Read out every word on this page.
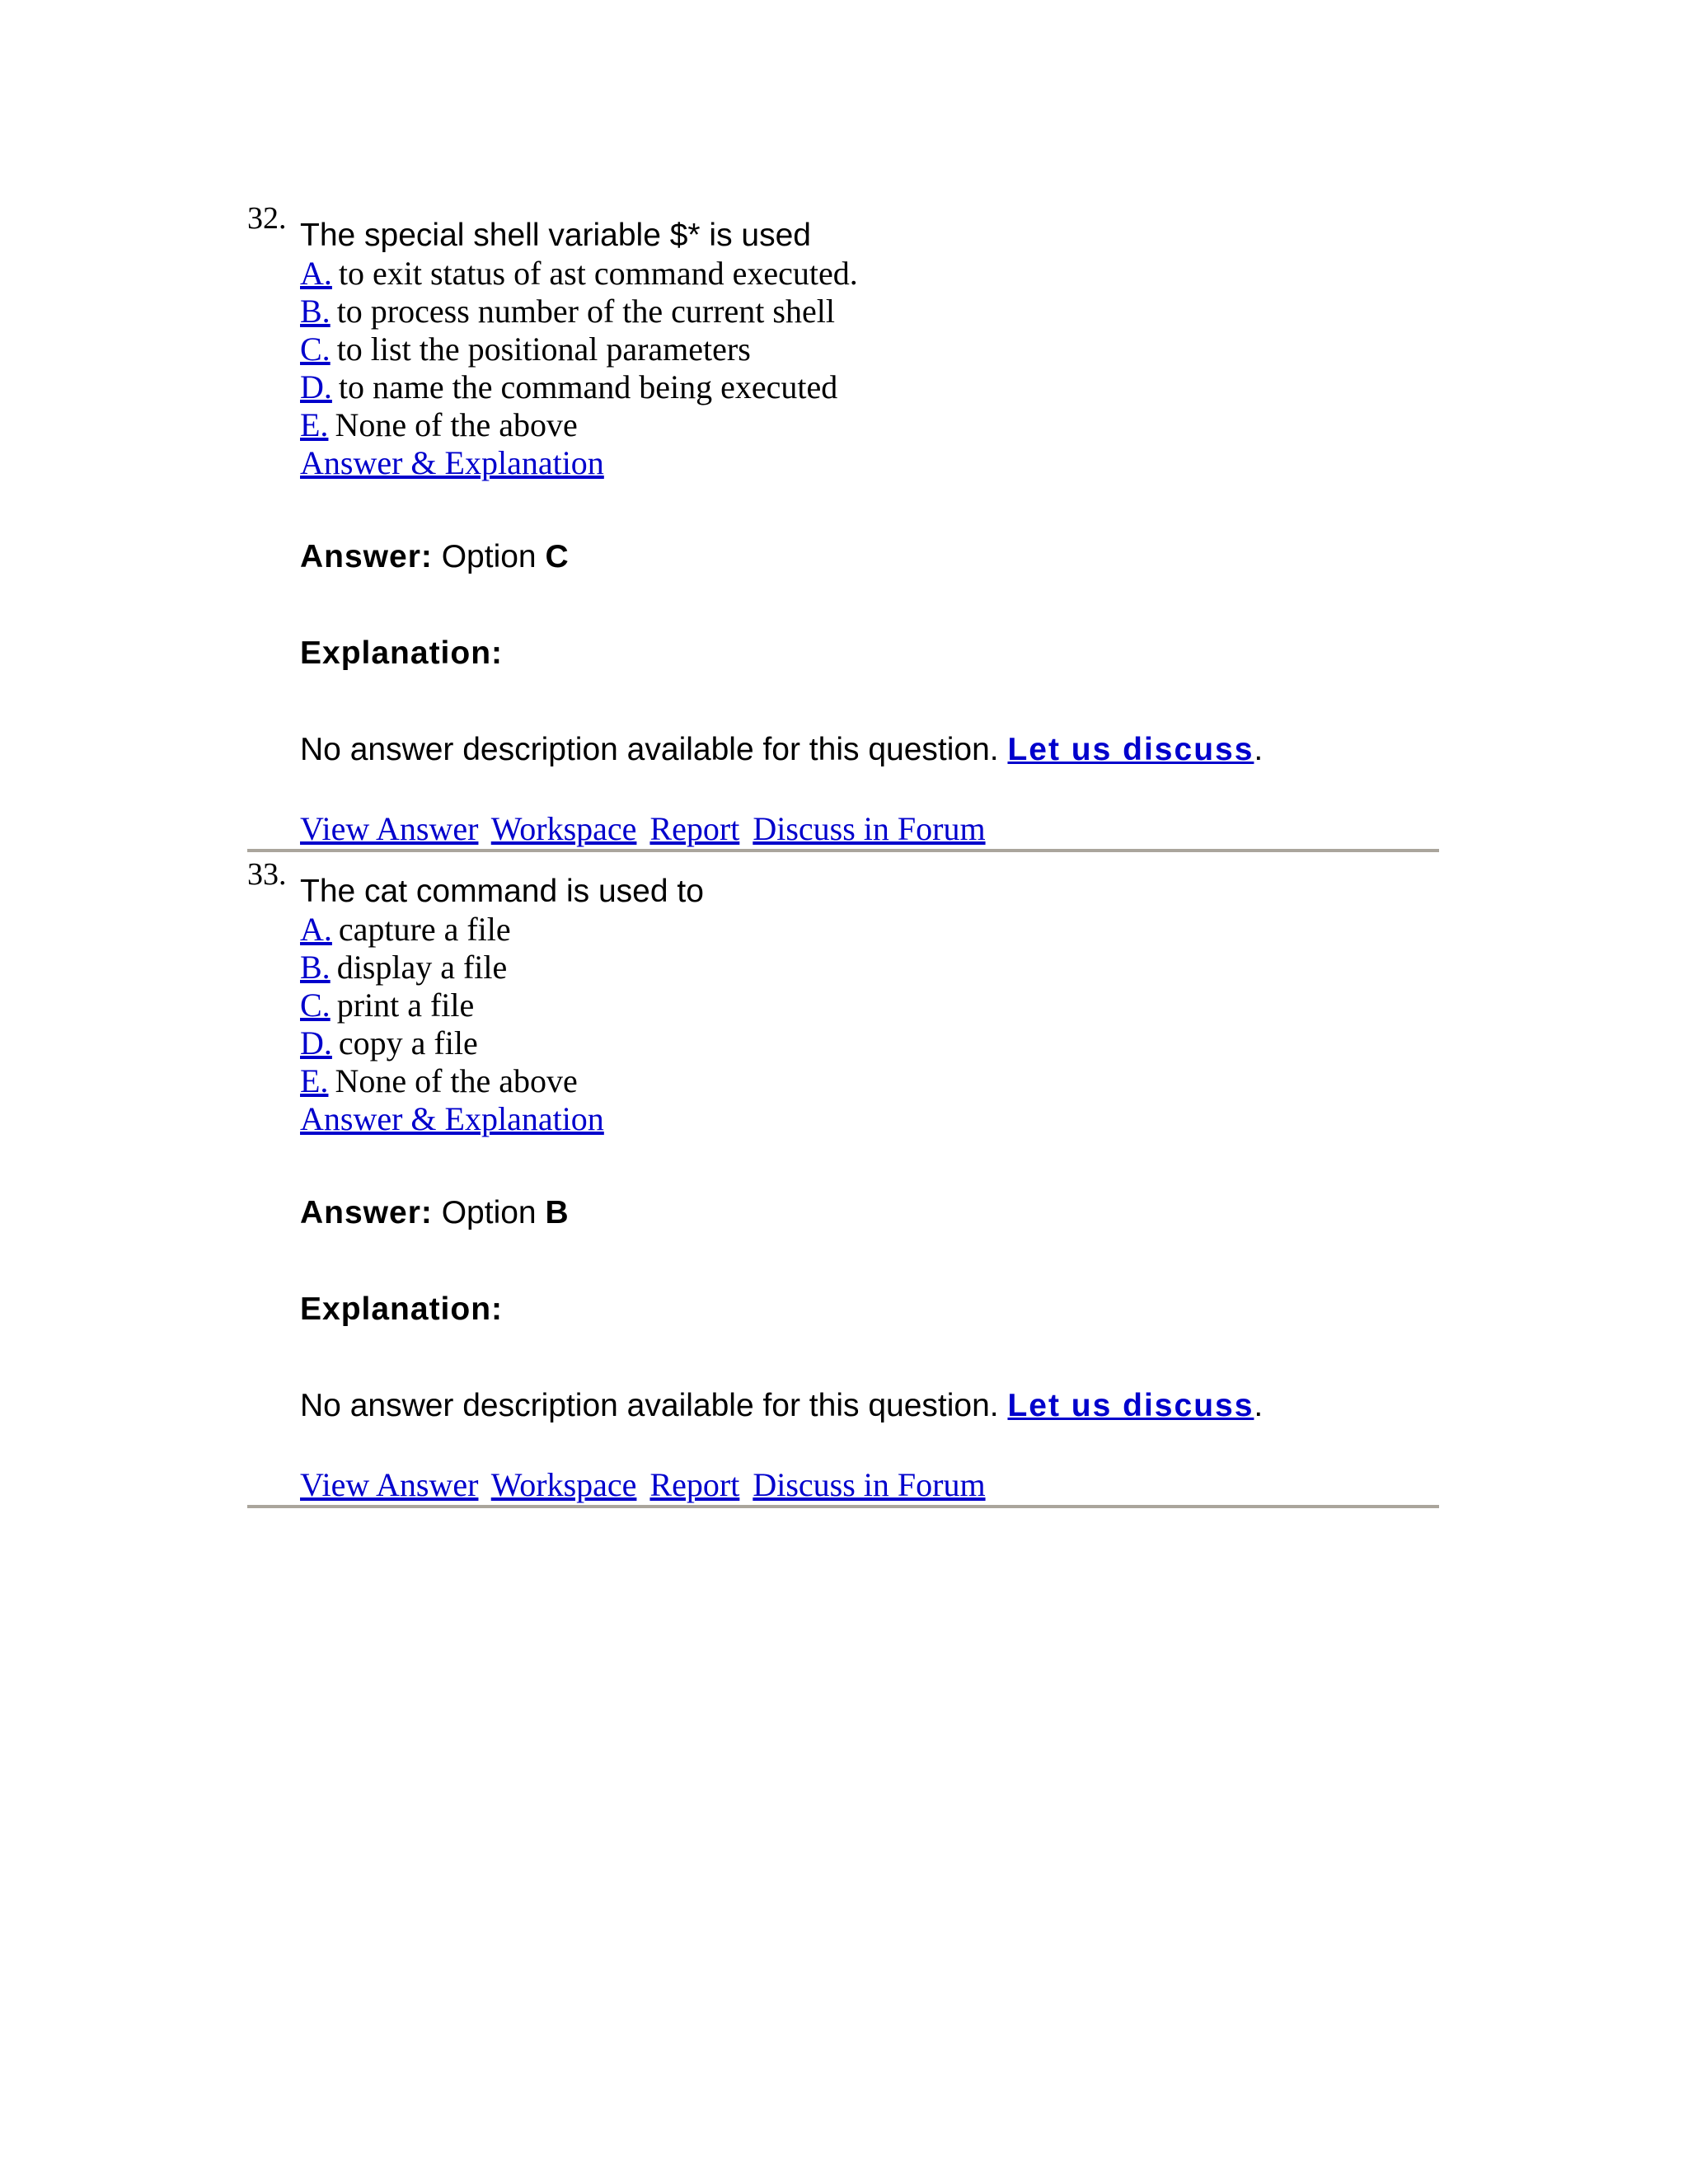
32. The special shell variable $* is used
A. to exit status of ast command executed.
B. to process number of the current shell
C. to list the positional parameters
D. to name the command being executed
E. None of the above
Answer & Explanation
Answer: Option C
Explanation:
No answer description available for this question. Let us discuss.
View Answer Workspace Report Discuss in Forum
33. The cat command is used to
A. capture a file
B. display a file
C. print a file
D. copy a file
E. None of the above
Answer & Explanation
Answer: Option B
Explanation:
No answer description available for this question. Let us discuss.
View Answer Workspace Report Discuss in Forum
